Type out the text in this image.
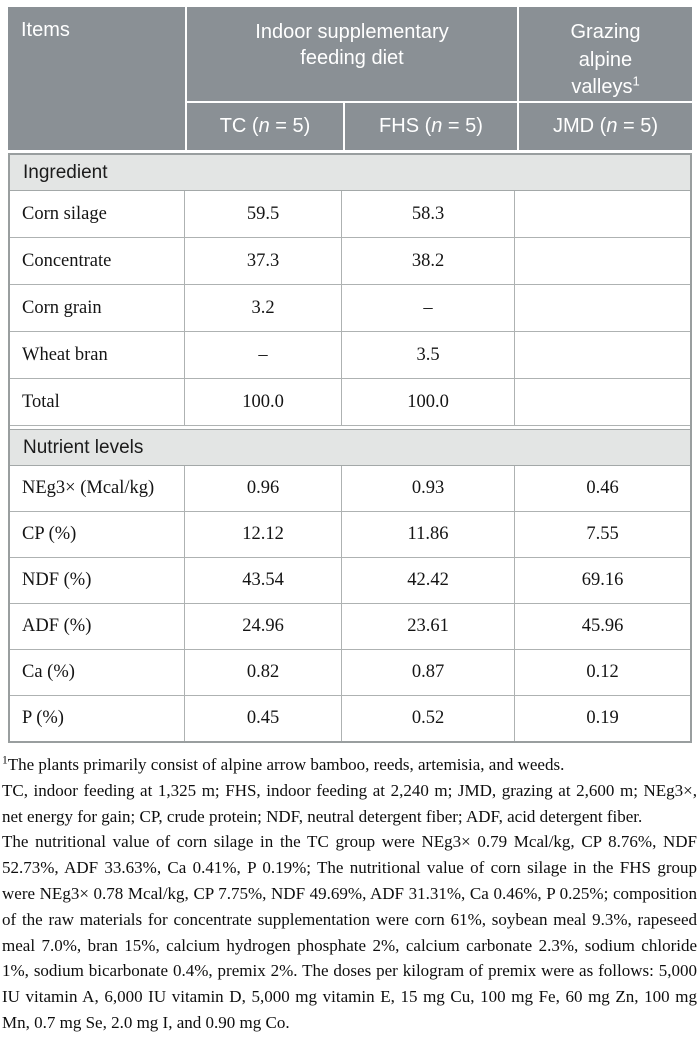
Items	Indoor supplementary feeding diet
Grazing alpine valleys$^1$
TC ( n = 5)	FHS ( n = 5)	JMD ( n = 5)
Ingredient
Corn silage	59.5	58.3
Concentrate	37.3	38.2
Corn grain	3.2	–
Wheat bran	–	3.5
Total	100.0	100.0
Nutrient levels
NEg3× (Mcal/kg)	0.96	0.93	0.46
CP (%)	12.12	11.86	7.55
NDF (%)	43.54	42.42	69.16
ADF (%)	24.96	23.61	45.96
Ca (%)	0.82	0.87	0.12
P (%)	0.45	0.52	0.19

$^1$The plants primarily consist of alpine arrow bamboo, reeds, artemisia, and weeds.

TC, indoor feeding at 1,325 m; FHS, indoor feeding at 2,240 m; JMD, grazing at 2,600 m; NEg3×, net energy for gain; CP, crude protein; NDF, neutral detergent fiber; ADF, acid detergent fiber.

The nutritional value of corn silage in the TC group were NEg3× 0.79 Mcal/kg, CP 8.76%, NDF 52.73%, ADF 33.63%, Ca 0.41%, P 0.19%; The nutritional value of corn silage in the FHS group were NEg3× 0.78 Mcal/kg, CP 7.75%, NDF 49.69%, ADF 31.31%, Ca 0.46%, P 0.25%; composition of the raw materials for concentrate supplementation were corn 61%, soybean meal 9.3%, rapeseed meal 7.0%, bran 15%, calcium hydrogen phosphate 2%, calcium carbonate 2.3%, sodium chloride 1%, sodium bicarbonate 0.4%, premix 2%. The doses per kilogram of premix were as follows: 5,000 IU vitamin A, 6,000 IU vitamin D, 5,000 mg vitamin E, 15 mg Cu, 100 mg Fe, 60 mg Zn, 100 mg Mn, 0.7 mg Se, 2.0 mg I, and 0.90 mg Co.
